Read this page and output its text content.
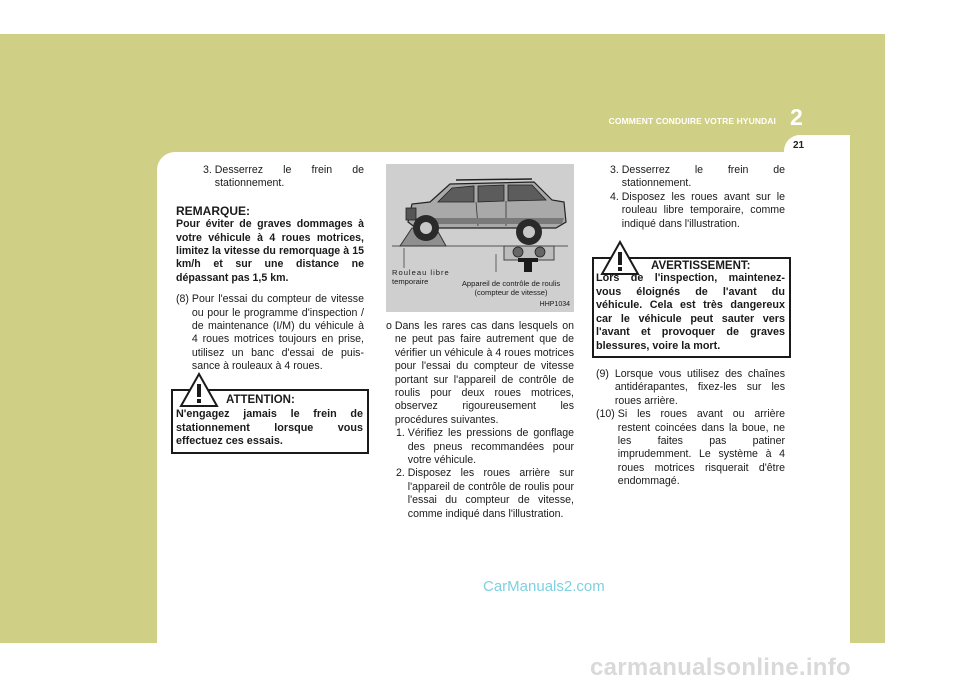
COMMENT CONDUIRE VOTRE HYUNDAI 2
21
3. Desserrez le frein de stationnement.
REMARQUE:
Pour éviter de graves dommages à votre véhicule à 4 roues motrices, limitez la vitesse du remorquage à 15 km/h et sur une distance ne dépassant pas 1,5 km.
(8) Pour l'essai du compteur de vitesse ou pour le programme d'inspection / de maintenance (I/M) du véhicule à 4 roues motrices toujours en prise, utilisez un banc d'essai de puis-sance à rouleaux à 4 roues.
ATTENTION:
N'engagez jamais le frein de stationnement lorsque vous effectuez ces essais.
Rouleau libre
temporaire	Appareil de contrôle de roulis
(compteur de vitesse)
HHP1034
o Dans les rares cas dans lesquels on ne peut pas faire autrement que de vérifier un véhicule à 4 roues motrices pour l'essai du compteur de vitesse portant sur l'appareil de contrôle de roulis pour deux roues motrices, observez rigoureusement les procédures suivantes.
1. Vérifiez les pressions de gonflage des pneus recommandées pour votre véhicule.
2. Disposez les roues arrière sur l'appareil de contrôle de roulis pour l'essai du compteur de vitesse, comme indiqué dans l'illustration.
3. Desserrez le frein de stationnement.
4. Disposez les roues avant sur le rouleau libre temporaire, comme indiqué dans l'illustration.
AVERTISSEMENT:
Lors de l'inspection, maintenez-vous éloignés de l'avant du véhicule. Cela est très dangereux car le véhicule peut sauter vers l'avant et provoquer de graves blessures, voire la mort.
(9) Lorsque vous utilisez des chaînes antidérapantes, fixez-les sur les roues arrière.
(10) Si les roues avant ou arrière restent coincées dans la boue, ne les faites pas patiner imprudemment. Le système à 4 roues motrices risquerait d'être endommagé.
CarManuals2.com
carmanualsonline.info
